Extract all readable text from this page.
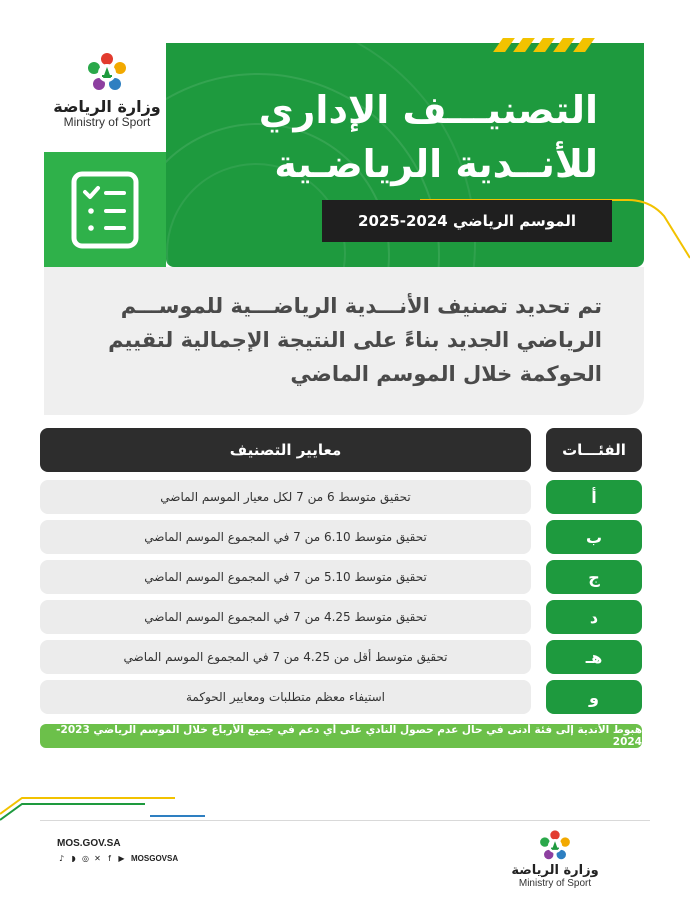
وزارة الرياضة
Ministry of Sport	التصنيـــف الإداري
للأنــدية الرياضـية
الموسم الرياضي 2024-2025
تم تحديد تصنيف الأنـــدية الرياضـــية للموســـم الرياضي الجديد بناءً على النتيجة الإجمالية لتقييم الحوكمة خلال الموسم الماضي
معايير التصنيف	الفئـــات
تحقيق متوسط 6 من 7 لكل معيار الموسم الماضي	أ
تحقيق متوسط 6.10 من 7 في المجموع الموسم الماضي	ب
تحقيق متوسط 5.10 من 7 في المجموع الموسم الماضي	ج
تحقيق متوسط 4.25 من 7 في المجموع الموسم الماضي	د
تحقيق متوسط أقل من 4.25 من 7 في المجموع الموسم الماضي	هـ
استيفاء معظم متطلبات ومعايير الحوكمة	و
هبوط الأندية إلى فئة أدنى في حال عدم حصول النادي على أي دعم في جميع الأرباع خلال الموسم الرياضي 2023-2024
MOS.GOV.SA
♪ ◗ ◎ ✕ f ▶ MOSGOVSA
وزارة الرياضة
Ministry of Sport
